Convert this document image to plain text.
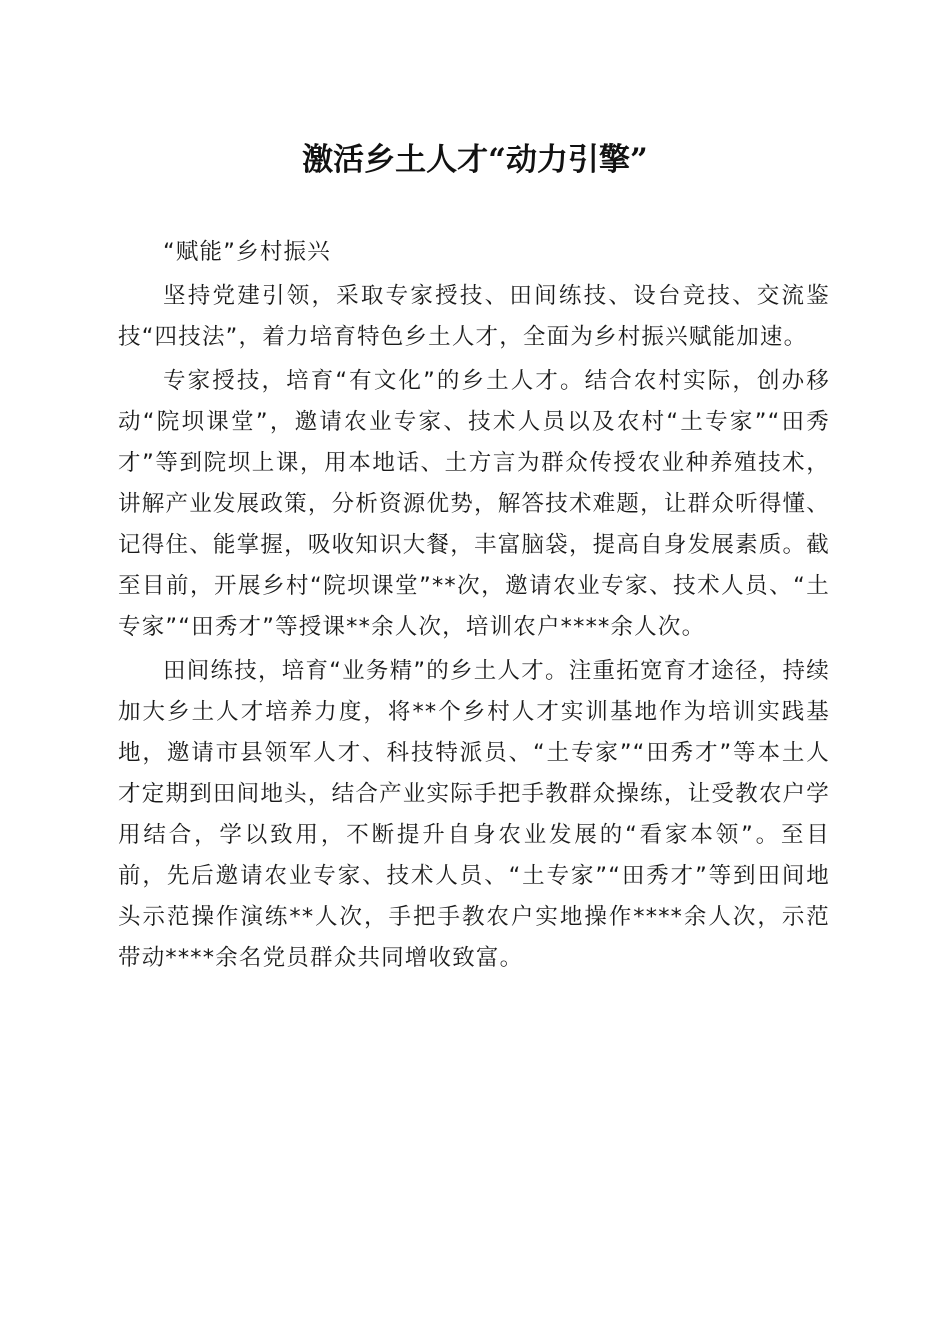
激活乡土人才“动力引擎”

“赋能”乡村振兴

坚持党建引领，采取专家授技、田间练技、设台竞技、交流鉴技“四技法”，着力培育特色乡土人才，全面为乡村振兴赋能加速。

专家授技，培育“有文化”的乡土人才。结合农村实际，创办移动“院坝课堂”，邀请农业专家、技术人员以及农村“土专家”“田秀才”等到院坝上课，用本地话、土方言为群众传授农业种养殖技术，讲解产业发展政策，分析资源优势，解答技术难题，让群众听得懂、记得住、能掌握，吸收知识大餐，丰富脑袋，提高自身发展素质。截至目前，开展乡村“院坝课堂”**次，邀请农业专家、技术人员、“土专家”“田秀才”等授课**余人次，培训农户****余人次。

田间练技，培育“业务精”的乡土人才。注重拓宽育才途径，持续加大乡土人才培养力度，将**个乡村人才实训基地作为培训实践基地，邀请市县领军人才、科技特派员、“土专家”“田秀才”等本土人才定期到田间地头，结合产业实际手把手教群众操练，让受教农户学用结合，学以致用，不断提升自身农业发展的“看家本领”。至目前，先后邀请农业专家、技术人员、“土专家”“田秀才”等到田间地头示范操作演练**人次，手把手教农户实地操作****余人次，示范带动****余名党员群众共同增收致富。
